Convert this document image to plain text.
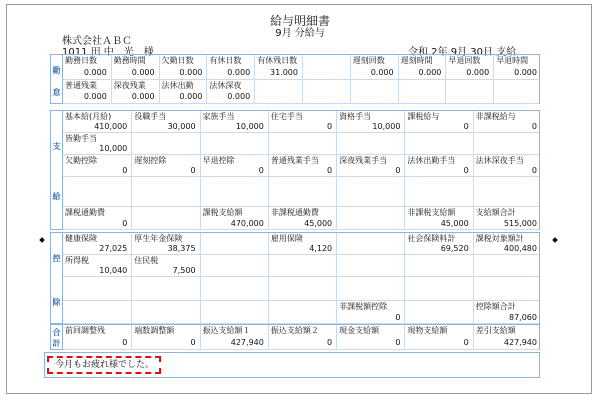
給与明細書
9月 分給与
株式会社ＡＢＣ
1011 田 中　光　様	令和 2年 9月 30日 支給
勤
怠
勤務日数
0.000
勤務時間
0.000
欠勤日数
0.000
有休日数
0.000
有休残日数
31.000
遅刻回数
0.000
遅刻時間
0.000
早退回数
0.000
早退時間
0.000
普通残業
0.000
深夜残業
0.000
法休出勤
0.000
法休深夜
0.000
支
給
基本給(月給)
410,000
役職手当
30,000
家族手当
10,000
住宅手当
0
資格手当
10,000
課税給与
0
非課税給与
0
皆勤手当
10,000
欠勤控除
0
遅刻控除
0
早退控除
0
普通残業手当
0
深夜残業手当
0
法休出勤手当
0
法休深夜手当
0
課税通勤費
0
課税支給額
470,000
非課税通勤費
45,000
非課税支給額
45,000
支給額合計
515,000
控
除
健康保険
27,025
厚生年金保険
38,375
雇用保険
4,120
社会保険料計
69,520
課税対象額計
400,480
所得税
10,040
住民税
7,500
非課税額控除
0
控除額合計
87,060
合
計
前回調整残
0
端数調整額
0
振込支給額１
427,940
振込支給額２
0
現金支給額
0
現物支給額
0
差引支給額
427,940
今月もお疲れ様でした。
